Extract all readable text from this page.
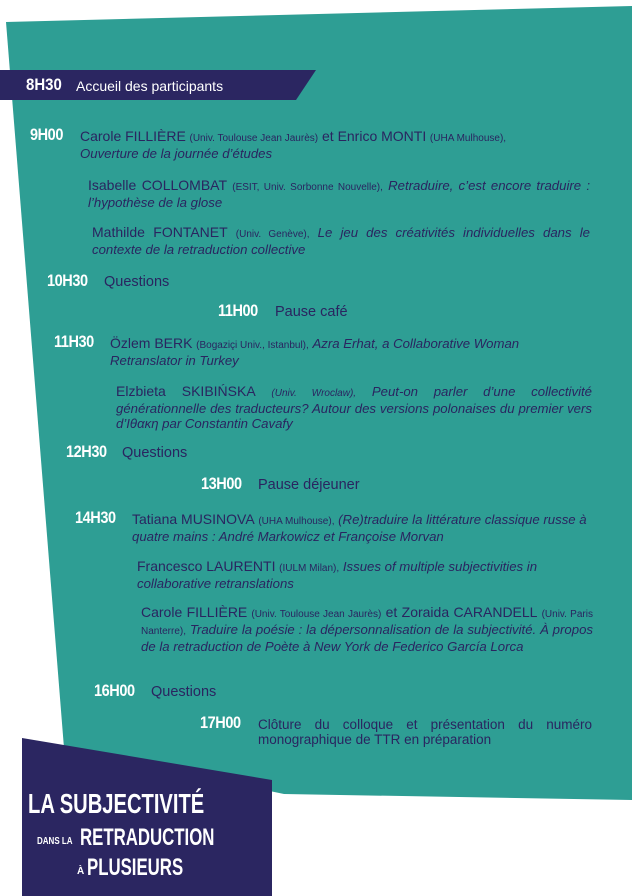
8H30 Accueil des participants
9H00 Carole FILLIÈRE (Univ. Toulouse Jean Jaurès) et Enrico MONTI (UHA Mulhouse),
Ouverture de la journée d’études
Isabelle COLLOMBAT (ESIT, Univ. Sorbonne Nouvelle), Retraduire, c’est encore traduire : l’hypothèse de la glose
Mathilde FONTANET (Univ. Genève), Le jeu des créativités individuelles dans le contexte de la retraduction collective
10H30 Questions
11H00 Pause café
11H30 Özlem BERK (Bogaziçi Univ., Istanbul), Azra Erhat, a Collaborative Woman Retranslator in Turkey
Elzbieta SKIBIŃSKA (Univ. Wroclaw), Peut-on parler d’une collectivité générationnelle des traducteurs? Autour des versions polonaises du premier vers d’Ιθακη par Constantin Cavafy
12H30 Questions
13H00 Pause déjeuner
14H30 Tatiana MUSINOVA (UHA Mulhouse), (Re)traduire la littérature classique russe à quatre mains : André Markowicz et Françoise Morvan
Francesco LAURENTI (IULM Milan), Issues of multiple subjectivities in collaborative retranslations
Carole FILLIÈRE (Univ. Toulouse Jean Jaurès) et Zoraida CARANDELL (Univ. Paris Nanterre), Traduire la poésie : la dépersonnalisation de la subjectivité. À propos de la retraduction de Poète à New York de Federico García Lorca
16H00 Questions
17H00 Clôture du colloque et présentation du numéro monographique de TTR en préparation
LA SUBJECTIVITÉ
DANS LA RETRADUCTION
À PLUSIEURS
